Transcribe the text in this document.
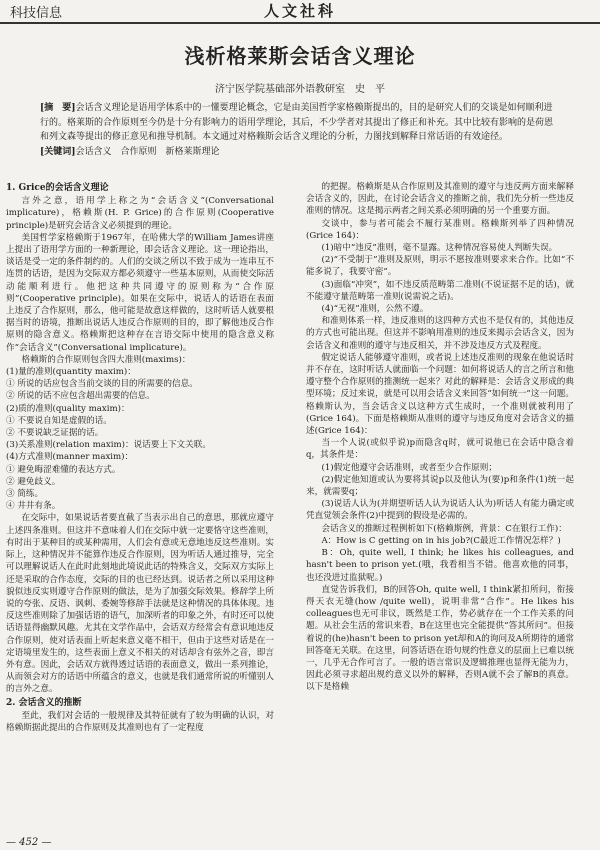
科技信息	人文社科
浅析格莱斯会话含义理论
济宁医学院基础部外语教研室　史　平
[摘　要]会话含义理论是语用学体系中的一懂要理论概念，它是由美国哲学家格赖斯提出的，目的是研究人们的交谈是如何顺利进行的。格莱斯的合作原则至今仍是十分有影响力的语用学理论，其后，不少学者对其提出了修正和补充。其中比较有影响的是荷恩和列文森等提出的修正意见和推导机制。本文通过对格赖斯会话含义理论的分析，力图找到解释日常话语的有效途径。
[关键词]会话含义　合作原则　新格莱斯理论
1. Grice的会话含义理论

言外之意，语用学上称之为“会话含义”(Conversational implicature)，格赖斯(H. P. Grice)的合作原则(Cooperative principle)是研究会话含义必须提到的理论。

美国哲学家格赖斯于1967年，在哈佛大学的William James讲座上提出了语用学方面的一种新理论，即会话含义理论。这一理论指出，谈话是受一定的条件制约的。人们的交谈之所以不致于成为一连串互不连贯的话语，是因为交际双方都必须遵守一些基本原则，从而使交际活动能顺利进行。他把这种共同遵守的原则称为“合作原则”(Cooperative principle)。如果在交际中，说话人的话语在表面上违反了合作原则，那么，他可能是故意这样做的，这时听话人就要根据当时的语境，推断出说话人违反合作原则的目的，即了解他违反合作原则的隐含意义。格赖斯把这种存在言语交际中使用的隐含意义称作“会话含义”(Conversational implicature)。

格赖斯的合作原则包含四大准则(maxims)：

(1)量的准则(quantity maxim)：

① 所说的话应包含当前交谈的目的所需要的信息。

② 所说的话不应包含超出需要的信息。

(2)质的准则(quality maxim)：

① 不要说自知是虚假的话。

② 不要说缺乏证据的话。

(3)关系准则(relation maxim)：说话要上下文关联。

(4)方式准则(manner maxim)：

① 避免晦涩难懂的表达方式。

② 避免歧义。

③ 简练。

④ 井井有条。

在交际中，如果说话者要直截了当表示出自己的意思，那就应遵守上述四条准则。但这并不意味着人们在交际中就一定要恪守这些准则，有时出于某种目的或某种需用，人们会有意或无意地违反这些准则。实际上，这种情况并不能算作违反合作原则，因为听话人通过推导，完全可以理解说话人在此时此刻地此境说此话的特殊含义，交际双方实际上还是采取的合作态度，交际的目的也已经达到。说话者之所以采用这种貌似违反实则遵守合作原则的做法，是为了加强交际效果。修辞学上所说的夸张、反语、讽刺、委婉等修辞手法就是这种情况的具体体现。违反这些准则除了加强话语的语气，加深听者的印象之外，有时还可以使话语显得幽默风趣。尤其在文学作品中，会话双方经常会有意识地违反合作原则，使对话表面上听起来意义毫不相干，但由于这些对话是在一定语境里发生的，这些表面上意义不相关的对话却含有弦外之音，即言外有意。因此，会话双方就得透过话语的表面意义，做出一系列推论，从而领会对方的话语中所蕴含的意义，也就是我们通常所说的听懂别人的言外之意。

2. 会话含义的推断

至此，我们对会话的一般规律及其特征就有了较为明确的认识，对格赖斯据此提出的合作原则及其准则也有了一定程度

的把握。格赖斯是从合作原则及其准则的遵守与违反两方面来解释会话含义的，因此，在讨论会话含义的推断之前，我们先分析一些违反准则的情况。这是揭示两者之间关系必须明确的另一个重要方面。

交谈中，参与者可能会不履行某准则。格赖斯列举了四种情况(Grice 164)：

(1)暗中“违反”准则，毫不显露。这种情况容易使人判断失误。

(2)“不受制于”准则及原则，明示不愿按准则要求来合作。比如“不能多说了，我要守密”。

(3)面临“冲突”，如不违反质范畴第二准则(不说证据不足的话)，就不能遵守量范畴第一准则(说需说之话)。

(4)“无视”准则，公然不遵。

和准则体系一样，违反准则的这四种方式也不是仅有的，其他违反的方式也可能出现。但这并不影响用准则的违反来揭示会话含义，因为会话含义和准则的遵守与违反相关，并不涉及违反方式及程度。

假定说话人能够遵守准则，或者说上述违反准则的现象在他说话时并不存在，这时听话人就面临一个问题：如何将说话人的言之所言和他遵守整个合作原则的推测统一起来？对此的解释是：会话含义形成的典型环境；反过来说，就是可以用会话含义来回答“如何统一”这一问题。格赖斯认为，当会话含义以这种方式生成时，一个准则就被利用了(Grice 164)。下面是格赖斯从准则的遵守与违反角度对会话含义的描述(Grice 164)：

当一个人说(或似乎说)p而隐含q时，就可说他已在会话中隐含着q，其条件是：

(1)假定他遵守会话准则，或者至少合作原则；

(2)假定他知道或认为要将其说p以及他认为(要)p和条件(1)统一起来，就需要q；

(3)说话人认为(并期望听话人认为说话人认为)听话人有能力确定或凭直觉领会条件(2)中提到的假设是必需的。

会话含义的推断过程例析如下(格赖斯例，背景：C在银行工作)：

A：How is C getting on in his job?(C最近工作情况怎样？)

B：Oh, quite well, I think; he likes his colleagues, and hasn't been to prison yet.(哦，我看相当不错。他喜欢他的同事，也还没进过监狱呢。)

直觉告诉我们，B的回答Oh, quite well, I think紧扣所问，衔接得天衣无缝(how /quite well)，说明非常“合作”。He likes his colleagues也无可非议，既然是工作，势必就存在一个工作关系的问题。从社会生活的常识来看，B在这里也完全能提供“答其所问”。但接着说的(he)hasn't been to prison yet却和A的询问及A所期待的通常回答毫无关联。在这里，问答话语在语句规约性意义的层面上已难以统一，几乎无合作可言了。一般的语言常识及逻辑推理也显得无能为力，因此必须寻求超出规约意义以外的解释，否则A就不会了解B的真意。以下是格赖

— 452 —
